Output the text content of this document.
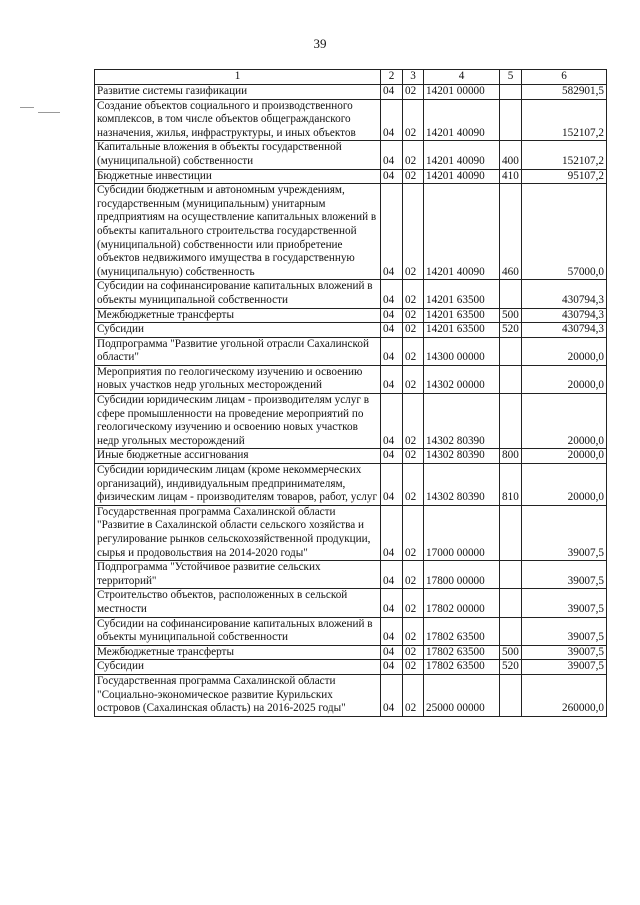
39
1	2	3	4	5	6
Развитие системы газификации	04	02	14201 00000		582901,5
Создание объектов социального и производственного комплексов, в том числе объектов общегражданского назначения, жилья, инфраструктуры, и иных объектов	04	02	14201 40090		152107,2
Капитальные вложения в объекты государственной (муниципальной) собственности	04	02	14201 40090	400	152107,2
Бюджетные инвестиции	04	02	14201 40090	410	95107,2
Субсидии бюджетным и автономным учреждениям, государственным (муниципальным) унитарным предприятиям на осуществление капитальных вложений в объекты капитального строительства государственной (муниципальной) собственности или приобретение объектов недвижимого имущества в государственную (муниципальную) собственность	04	02	14201 40090	460	57000,0
Субсидии на софинансирование капитальных вложений в объекты муниципальной собственности	04	02	14201 63500		430794,3
Межбюджетные трансферты	04	02	14201 63500	500	430794,3
Субсидии	04	02	14201 63500	520	430794,3
Подпрограмма "Развитие угольной отрасли Сахалинской области"	04	02	14300 00000		20000,0
Мероприятия по геологическому изучению и освоению новых участков недр угольных месторождений	04	02	14302 00000		20000,0
Субсидии юридическим лицам - производителям услуг в сфере промышленности на проведение мероприятий по геологическому изучению и освоению новых участков недр угольных месторождений	04	02	14302 80390		20000,0
Иные бюджетные ассигнования	04	02	14302 80390	800	20000,0
Субсидии юридическим лицам (кроме некоммерческих организаций), индивидуальным предпринимателям, физическим лицам - производителям товаров, работ, услуг	04	02	14302 80390	810	20000,0
Государственная программа Сахалинской области "Развитие в Сахалинской области сельского хозяйства и регулирование рынков сельскохозяйственной продукции, сырья и продовольствия на 2014-2020 годы"	04	02	17000 00000		39007,5
Подпрограмма "Устойчивое развитие сельских территорий"	04	02	17800 00000		39007,5
Строительство объектов, расположенных в сельской местности	04	02	17802 00000		39007,5
Субсидии на софинансирование капитальных вложений в объекты муниципальной собственности	04	02	17802 63500		39007,5
Межбюджетные трансферты	04	02	17802 63500	500	39007,5
Субсидии	04	02	17802 63500	520	39007,5
Государственная программа Сахалинской области "Социально-экономическое развитие Курильских островов (Сахалинская область) на 2016-2025 годы"	04	02	25000 00000		260000,0
